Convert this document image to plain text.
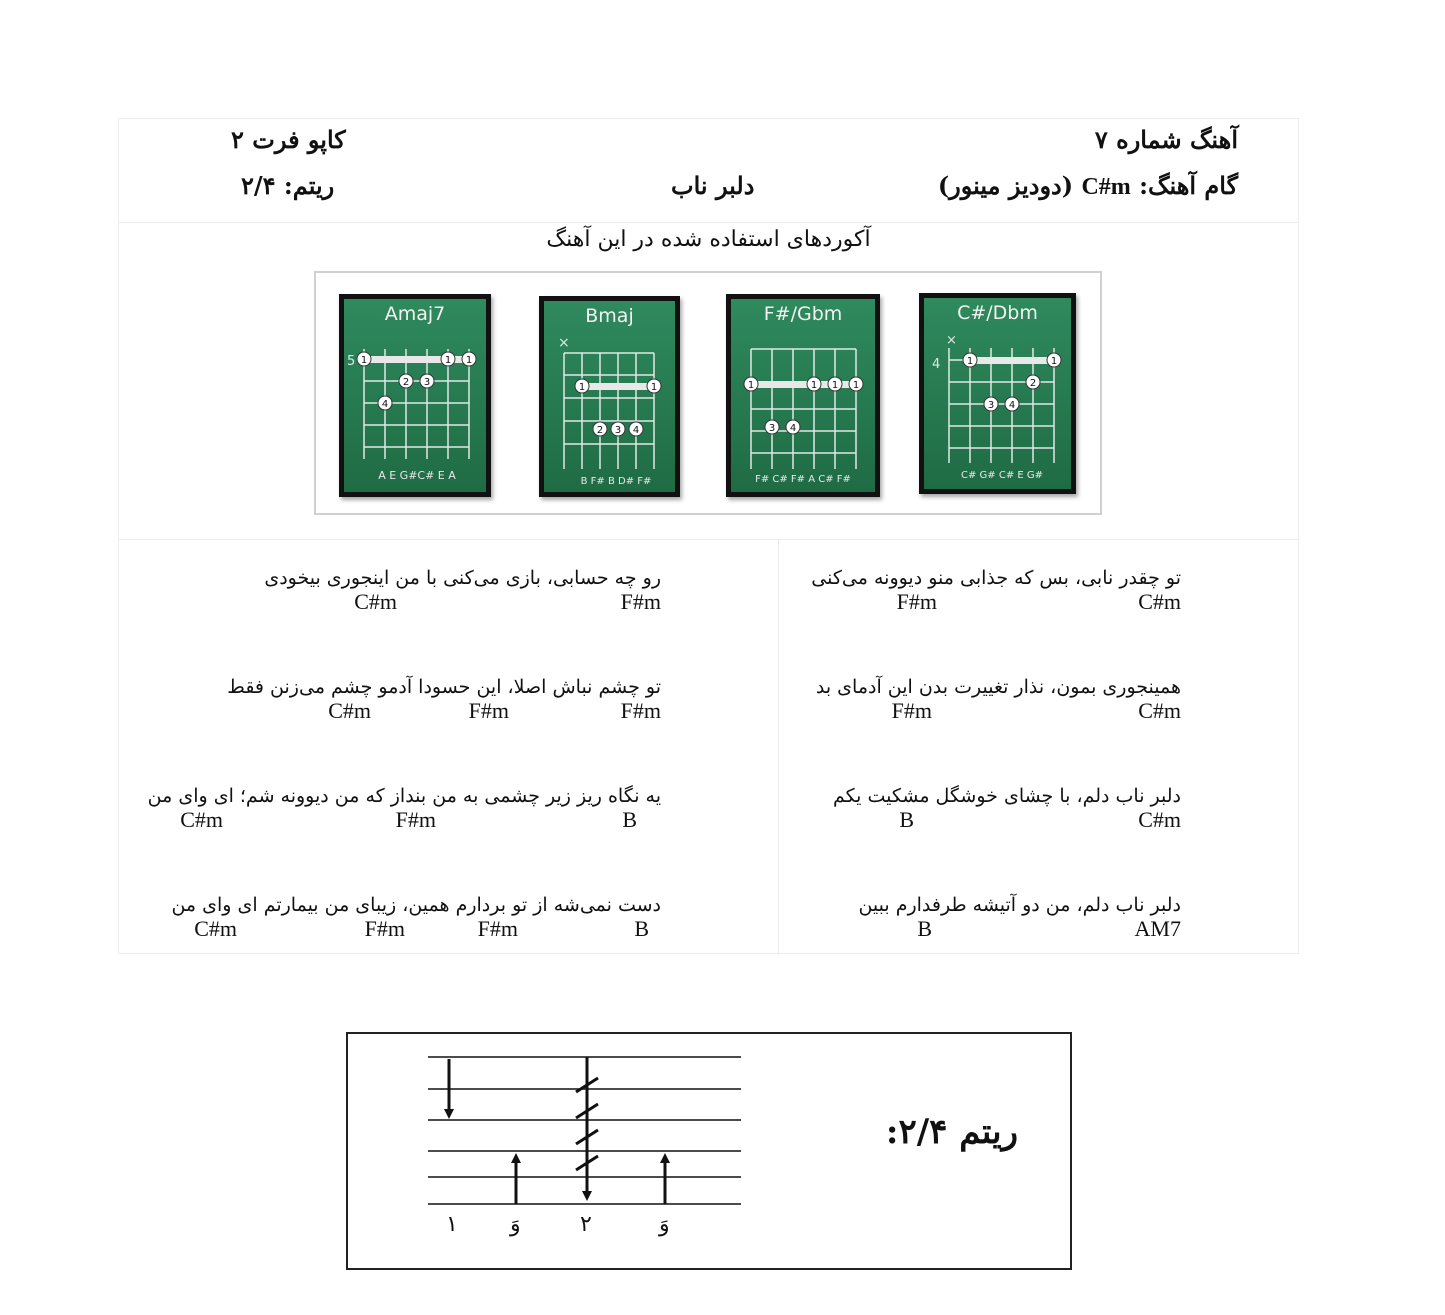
آهنگ شماره ۷
کاپو فرت ۲
گام آهنگ: C#m (دودیز مینور)
دلبر ناب
ریتم: ۲/۴
آکوردهای استفاده شده در این آهنگ
Amaj7
1	1 1
2 3
4
5
A E G#C# E A
Bmaj
1	1
2 3 4
×
B F# B D# F#
F#/Gbm
1	1 1 1
3 4
F# C# F# A C# F#
C#/Dbm
1	1
2
3 4
×
4
C# G# C# E G#
تو چقدر نابی، بس که جذابی منو دیوونه می‌کنی
C#m
F#m
همینجوری بمون، نذار تغییرت بدن این آدمای بد
C#m
F#m
دلبر ناب دلم، با چشای خوشگل مشکیت یکم
C#m
B
دلبر ناب دلم، من دو آتیشه طرفدارم ببین
AM7
B
رو چه حسابی، بازی می‌کنی با من اینجوری بیخودی
F#m
C#m
تو چشم نباش اصلا، این حسودا آدمو چشم می‌زنن فقط
F#m
F#m
C#m
یه نگاه ریز زیر چشمی به من بنداز که من دیوونه شم؛ ای وای من
B
F#m
C#m
دست نمی‌شه از تو بردارم همین، زیبای من بیمارتم ای وای من
B
F#m
F#m
C#m
ریتم ۲/۴:
۱ وَ	۲	وَ
